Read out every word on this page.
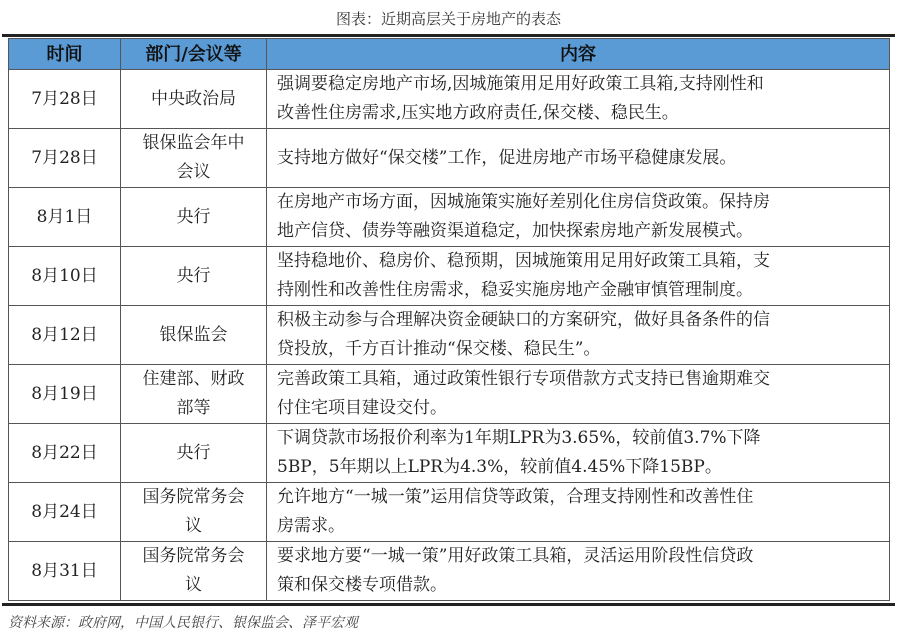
图表：近期高层关于房地产的表态
时间	部门/会议等	内容
7月28日	中央政治局	强调要稳定房地产市场,因城施策用足用好政策工具箱,支持刚性和
改善性住房需求,压实地方政府责任,保交楼、稳民生。

7月28日	银保监会年中
会议	支持地方做好“保交楼”工作，促进房地产市场平稳健康发展。

8月1日	央行	在房地产市场方面，因城施策实施好差别化住房信贷政策。保持房
地产信贷、债券等融资渠道稳定，加快探索房地产新发展模式。

8月10日	央行	坚持稳地价、稳房价、稳预期，因城施策用足用好政策工具箱，支
持刚性和改善性住房需求，稳妥实施房地产金融审慎管理制度。

8月12日	银保监会	积极主动参与合理解决资金硬缺口的方案研究，做好具备条件的信
贷投放，千方百计推动“保交楼、稳民生”。

8月19日	住建部、财政
部等	完善政策工具箱，通过政策性银行专项借款方式支持已售逾期难交
付住宅项目建设交付。

8月22日	央行	下调贷款市场报价利率为1年期LPR为3.65%，较前值3.7%下降
5BP，5年期以上LPR为4.3%，较前值4.45%下降15BP。

8月24日	国务院常务会
议	允许地方“一城一策”运用信贷等政策，合理支持刚性和改善性住
房需求。

8月31日	国务院常务会
议	要求地方要“一城一策”用好政策工具箱，灵活运用阶段性信贷政
策和保交楼专项借款。
资料来源：政府网，中国人民银行、银保监会、泽平宏观
